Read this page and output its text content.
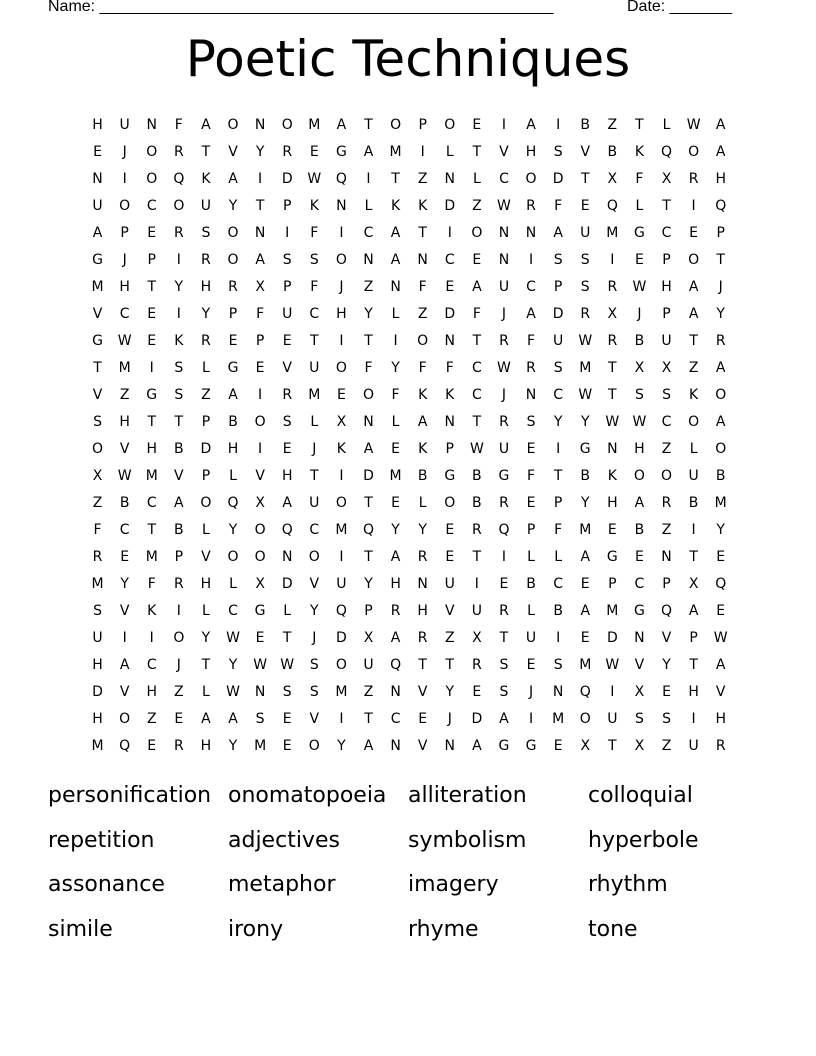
Name: ___________________________________________________	Date: _______
Poetic Techniques
H U N F A O N O M A T O P O E I A I B Z T L W A
E J O R T V Y R E G A M I L T V H S V B K Q O A
N I O Q K A I D W Q I T Z N L C O D T X F X R H
U O C O U Y T P K N L K K D Z W R F E Q L T I Q
A P E R S O N I F I C A T I O N N A U M G C E P
G J P I R O A S S O N A N C E N I S S I E P O T
M H T Y H R X P F J Z N F E A U C P S R W H A J
V C E I Y P F U C H Y L Z D F J A D R X J P A Y
G W E K R E P E T I T I O N T R F U W R B U T R
T M I S L G E V U O F Y F F C W R S M T X X Z A
V Z G S Z A I R M E O F K K C J N C W T S S K O
S H T T P B O S L X N L A N T R S Y Y W W C O A
O V H B D H I E J K A E K P W U E I G N H Z L O
X W M V P L V H T I D M B G B G F T B K O O U B
Z B C A O Q X A U O T E L O B R E P Y H A R B M
F C T B L Y O Q C M Q Y Y E R Q P F M E B Z I Y
R E M P V O O N O I T A R E T I L L A G E N T E
M Y F R H L X D V U Y H N U I E B C E P C P X Q
S V K I L C G L Y Q P R H V U R L B A M G Q A E
U I I O Y W E T J D X A R Z X T U I E D N V P W
H A C J T Y W W S O U Q T T R S E S M W V Y T A
D V H Z L W N S S M Z N V Y E S J N Q I X E H V
H O Z E A A S E V I T C E J D A I M O U S S I H
M Q E R H Y M E O Y A N V N A G G E X T X Z U R
personification onomatopoeia alliteration	colloquial
repetition	adjectives	symbolism	hyperbole
assonance	metaphor	imagery	rhythm
simile	irony	rhyme	tone
